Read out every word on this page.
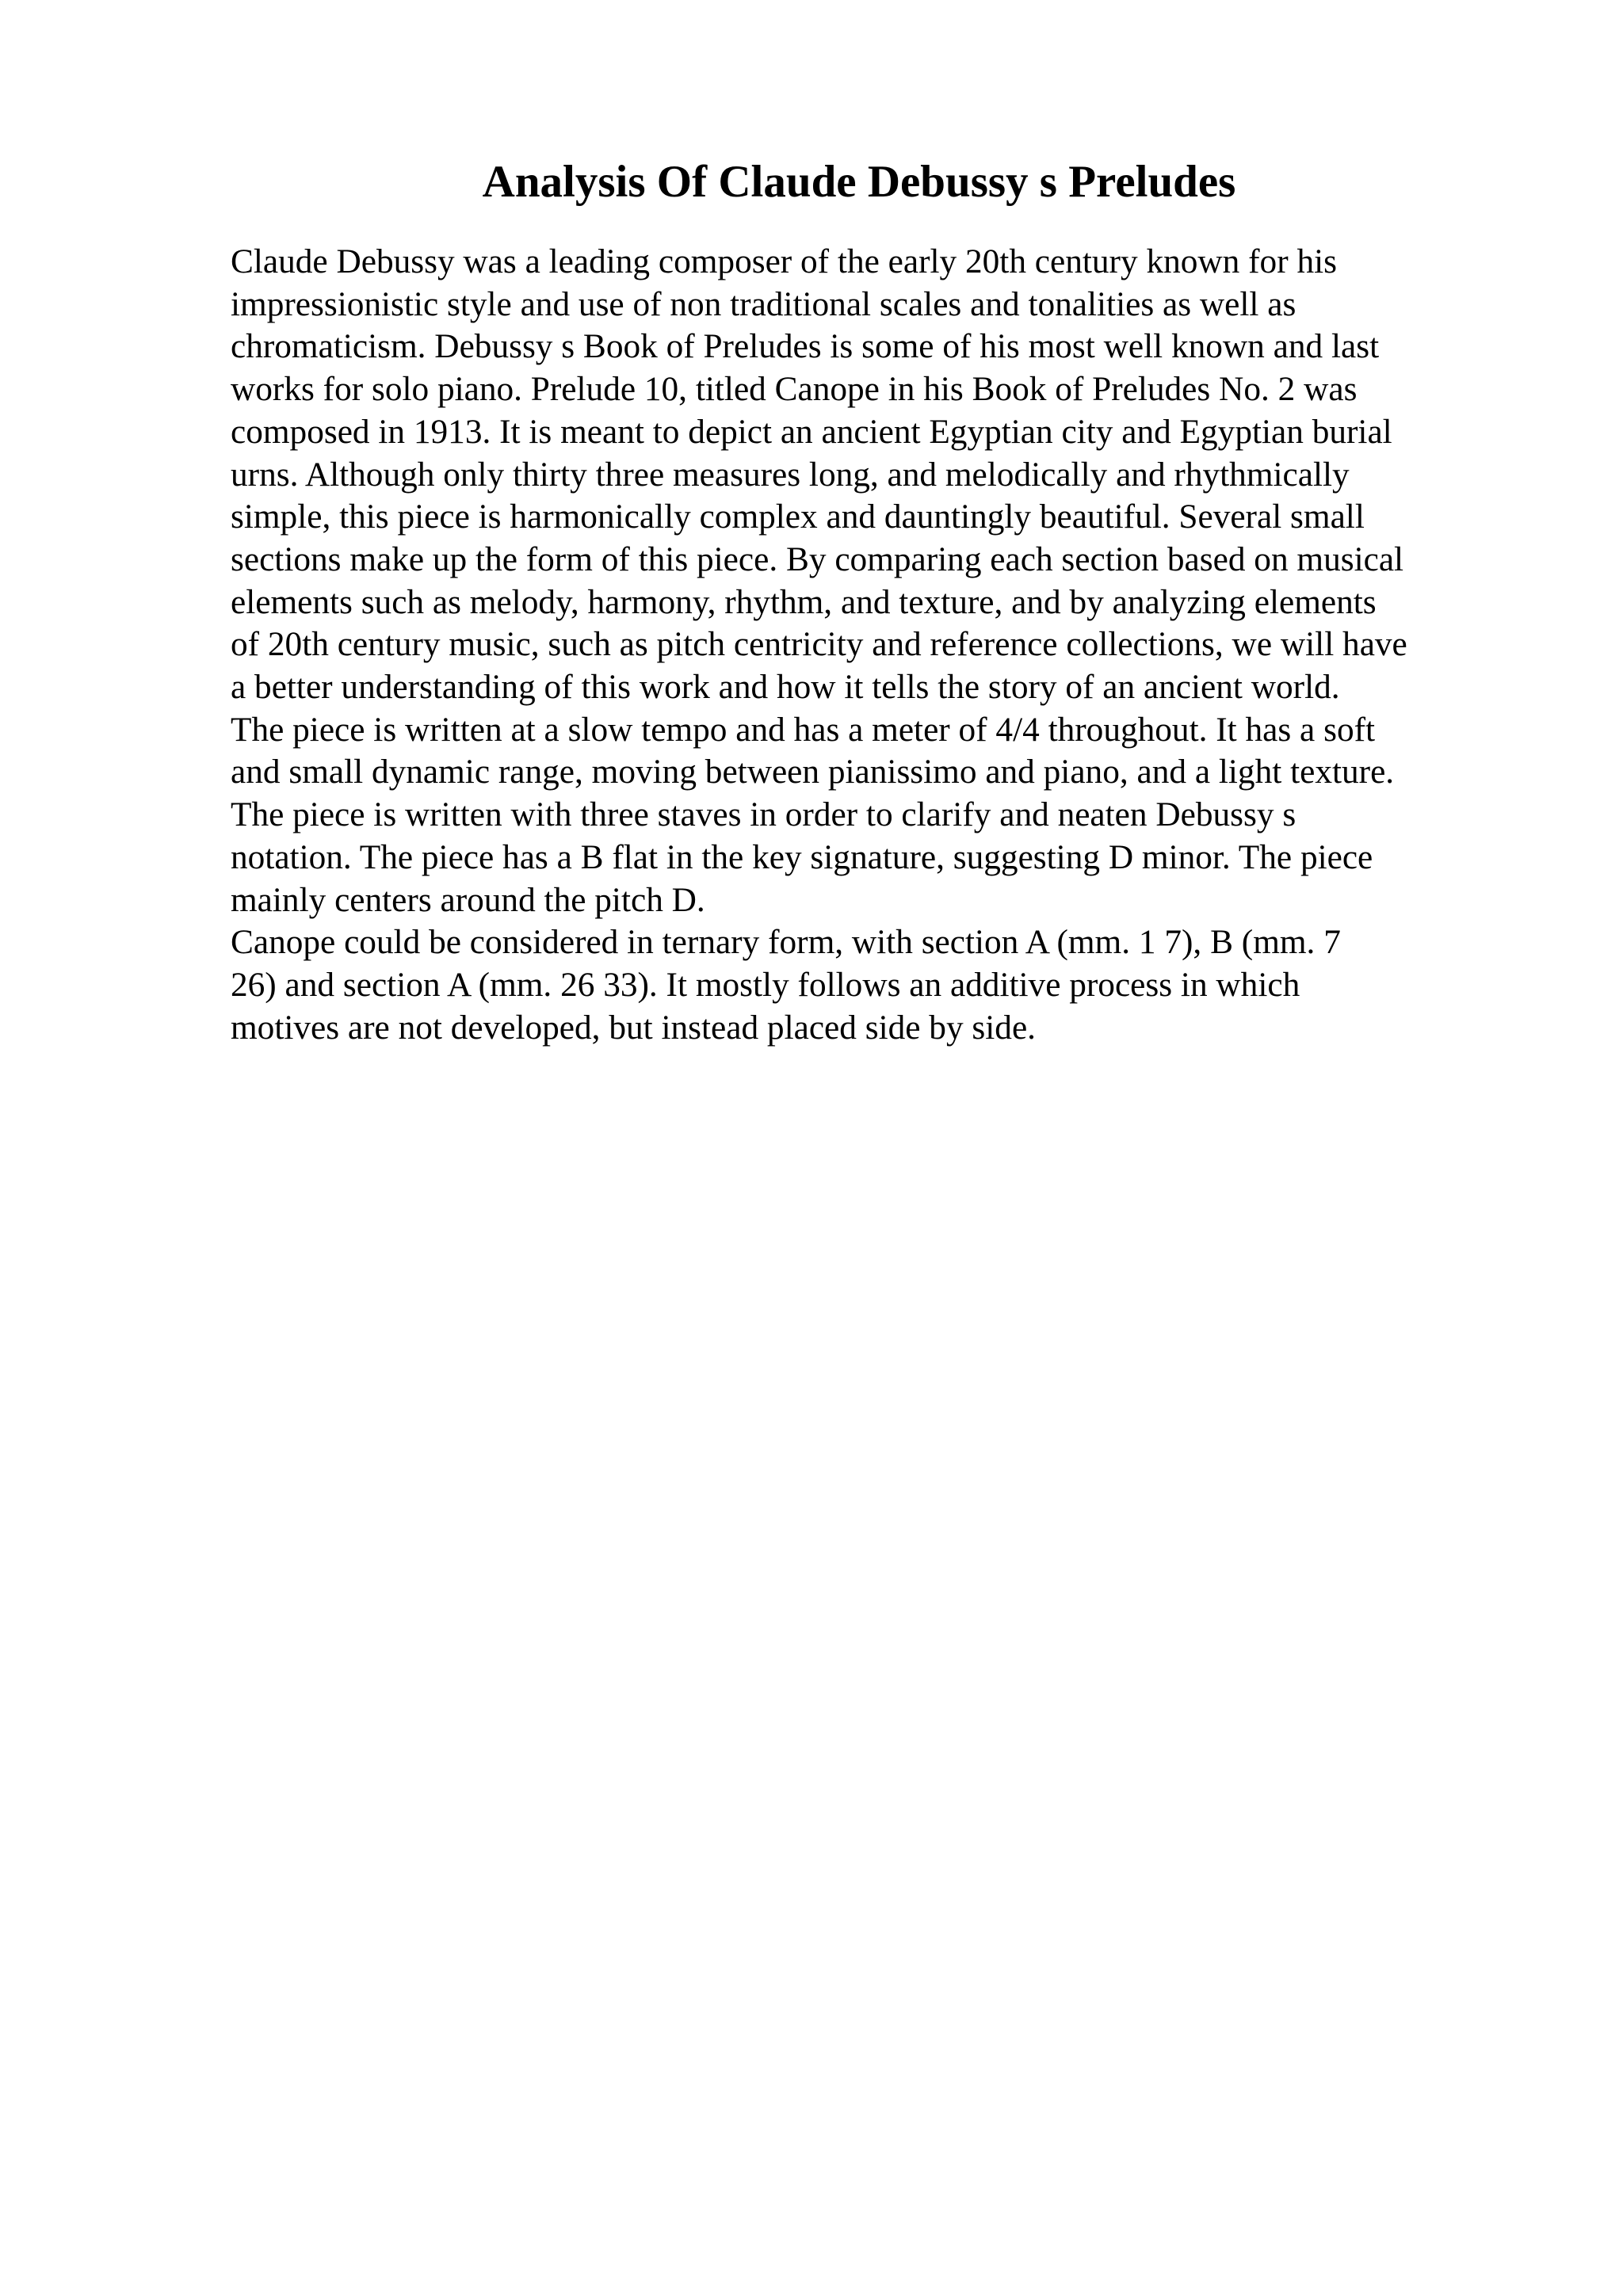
Analysis Of Claude Debussy s Preludes
Claude Debussy was a leading composer of the early 20th century known for his
impressionistic style and use of non traditional scales and tonalities as well as
chromaticism. Debussy s Book of Preludes is some of his most well known and last
works for solo piano. Prelude 10, titled Canope in his Book of Preludes No. 2 was
composed in 1913. It is meant to depict an ancient Egyptian city and Egyptian burial
urns. Although only thirty three measures long, and melodically and rhythmically
simple, this piece is harmonically complex and dauntingly beautiful. Several small
sections make up the form of this piece. By comparing each section based on musical
elements such as melody, harmony, rhythm, and texture, and by analyzing elements
of 20th century music, such as pitch centricity and reference collections, we will have
a better understanding of this work and how it tells the story of an ancient world.
The piece is written at a slow tempo and has a meter of 4/4 throughout. It has a soft
and small dynamic range, moving between pianissimo and piano, and a light texture.
The piece is written with three staves in order to clarify and neaten Debussy s
notation. The piece has a B flat in the key signature, suggesting D minor. The piece
mainly centers around the pitch D.
Canope could be considered in ternary form, with section A (mm. 1 7), B (mm. 7
26) and section A (mm. 26 33). It mostly follows an additive process in which
motives are not developed, but instead placed side by side.
